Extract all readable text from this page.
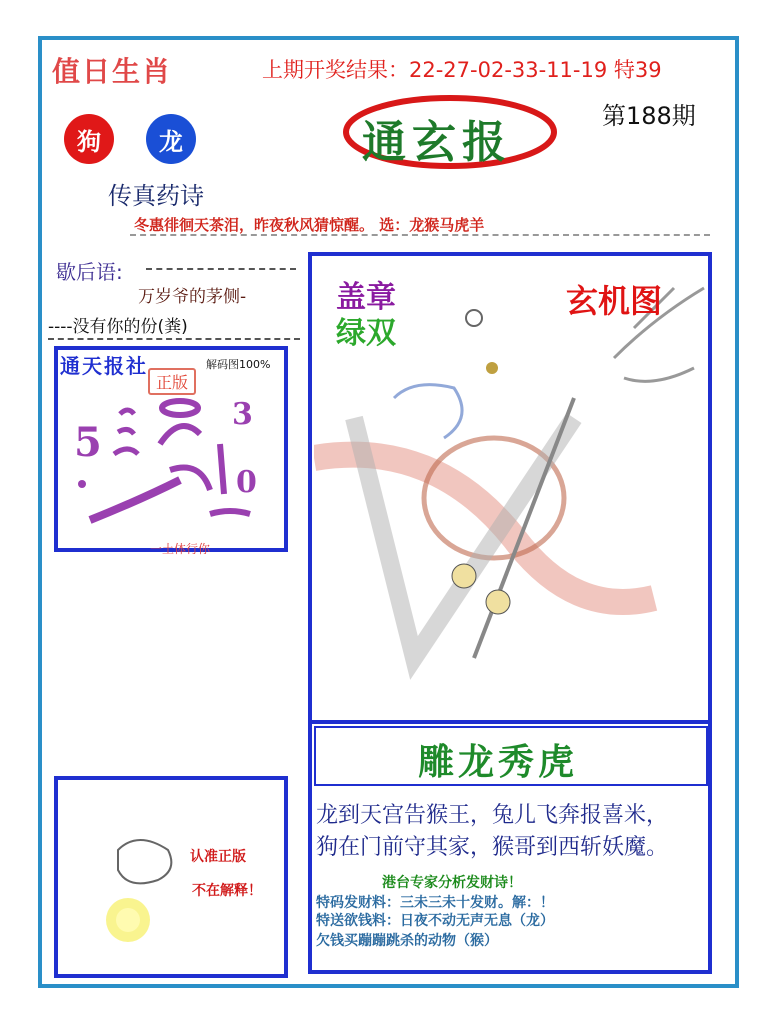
值日生肖	上期开奖结果：22-27-02-33-11-19 特39
通玄报
第188期
狗	龙
传真药诗
冬惠徘徊天茶泪，昨夜秋风猜惊醒。 选：龙猴马虎羊
歇后语:
万岁爷的茅侧-
----没有你的份(粪)
通天报社	解码图100%
正版
5
3
0
一土体行你
盖章
绿双
玄机图
雕龙秀虎
龙到天宫告猴王，兔儿飞奔报喜米，
狗在门前守其家，猴哥到西斩妖魔。
港台专家分析发财诗！
特码发财料：三未三未十发财。解：！
特送欲钱料：日夜不动无声无息（龙）
欠钱买蹦蹦跳杀的动物（猴）
认准正版
不在解释！
